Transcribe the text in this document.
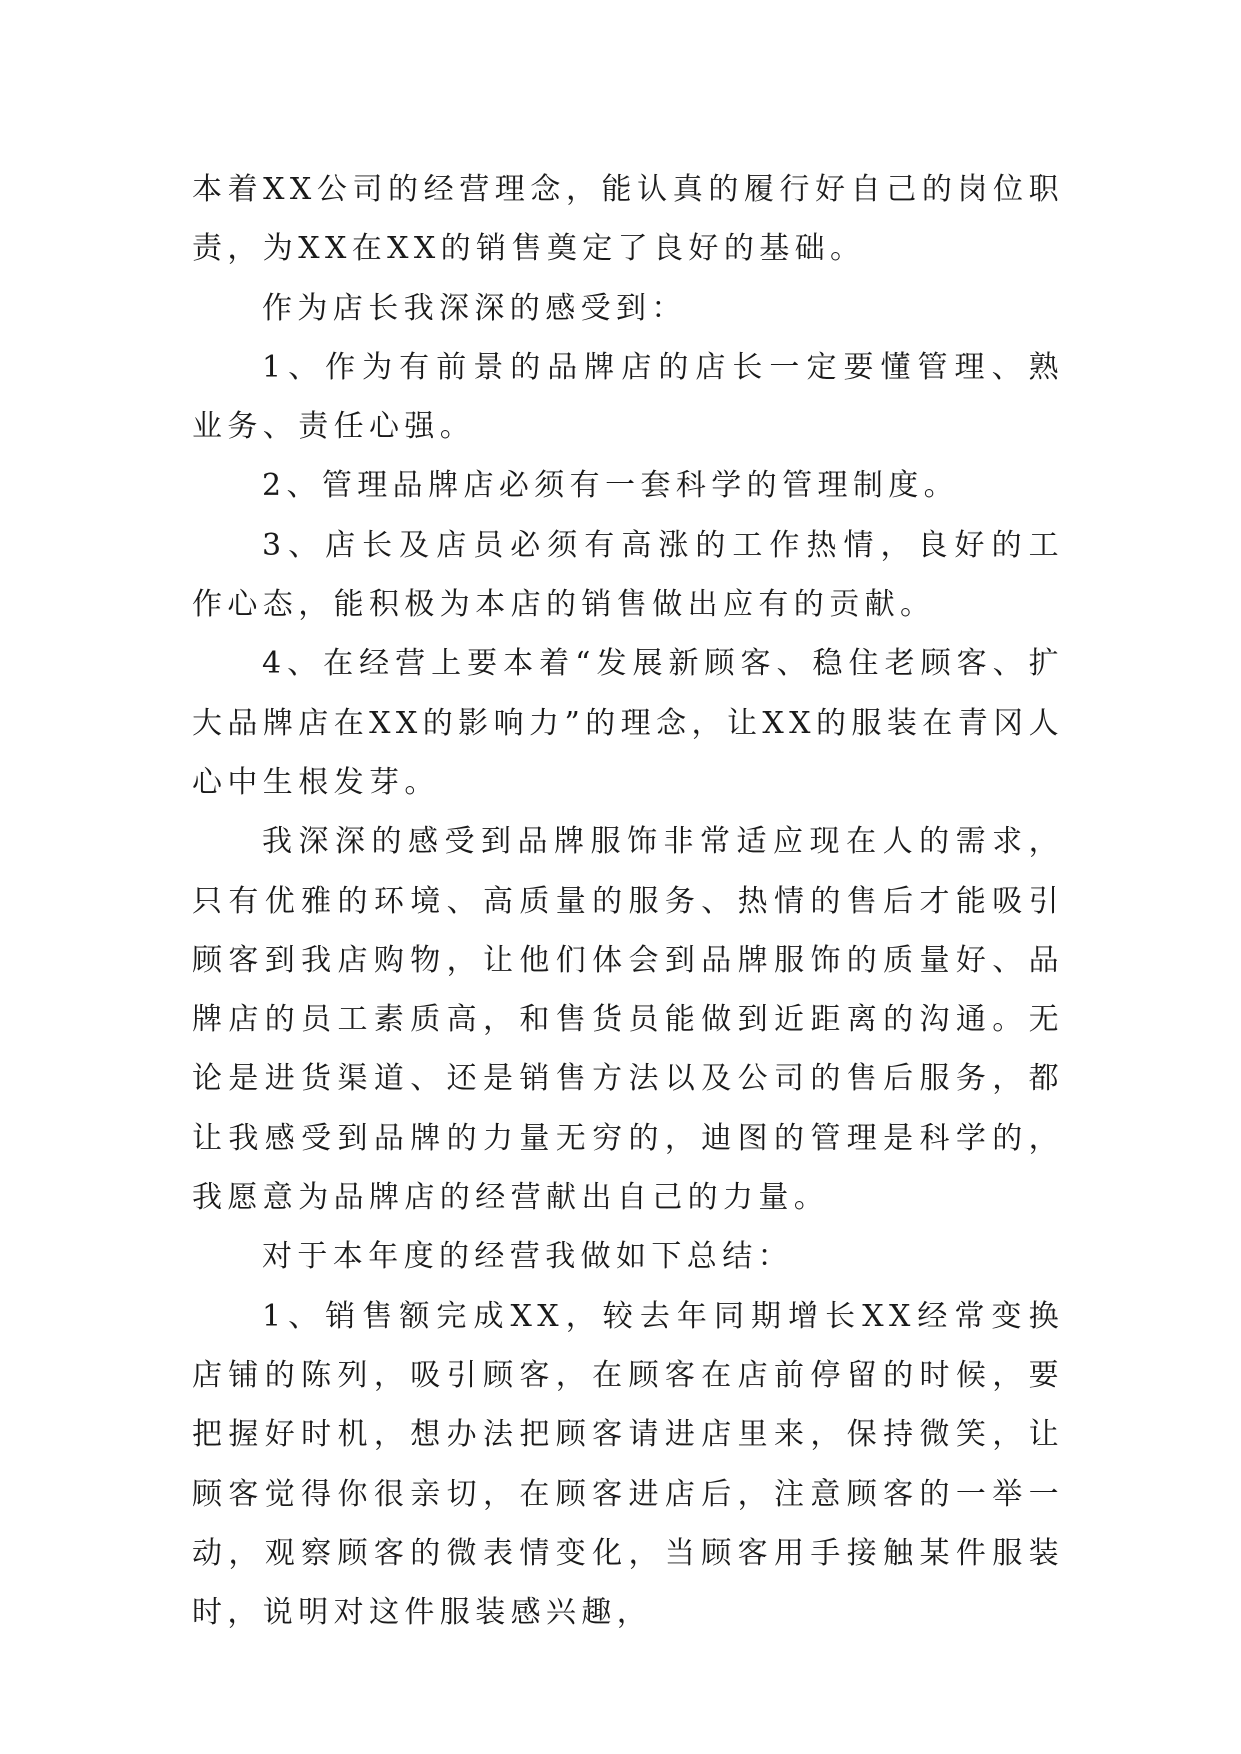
本着XX公司的经营理念，能认真的履行好自己的岗位职责，为XX在XX的销售奠定了良好的基础。

作为店长我深深的感受到：

1、作为有前景的品牌店的店长一定要懂管理、熟业务、责任心强。

2、管理品牌店必须有一套科学的管理制度。

3、店长及店员必须有高涨的工作热情，良好的工作心态，能积极为本店的销售做出应有的贡献。

4、在经营上要本着“发展新顾客、稳住老顾客、扩大品牌店在XX的影响力”的理念，让XX的服装在青冈人心中生根发芽。

我深深的感受到品牌服饰非常适应现在人的需求，只有优雅的环境、高质量的服务、热情的售后才能吸引顾客到我店购物，让他们体会到品牌服饰的质量好、品牌店的员工素质高，和售货员能做到近距离的沟通。无论是进货渠道、还是销售方法以及公司的售后服务，都让我感受到品牌的力量无穷的，迪图的管理是科学的，我愿意为品牌店的经营献出自己的力量。

对于本年度的经营我做如下总结：

1、销售额完成XX，较去年同期增长XX经常变换店铺的陈列，吸引顾客，在顾客在店前停留的时候，要把握好时机，想办法把顾客请进店里来，保持微笑，让顾客觉得你很亲切，在顾客进店后，注意顾客的一举一动，观察顾客的微表情变化，当顾客用手接触某件服装时，说明对这件服装感兴趣，
